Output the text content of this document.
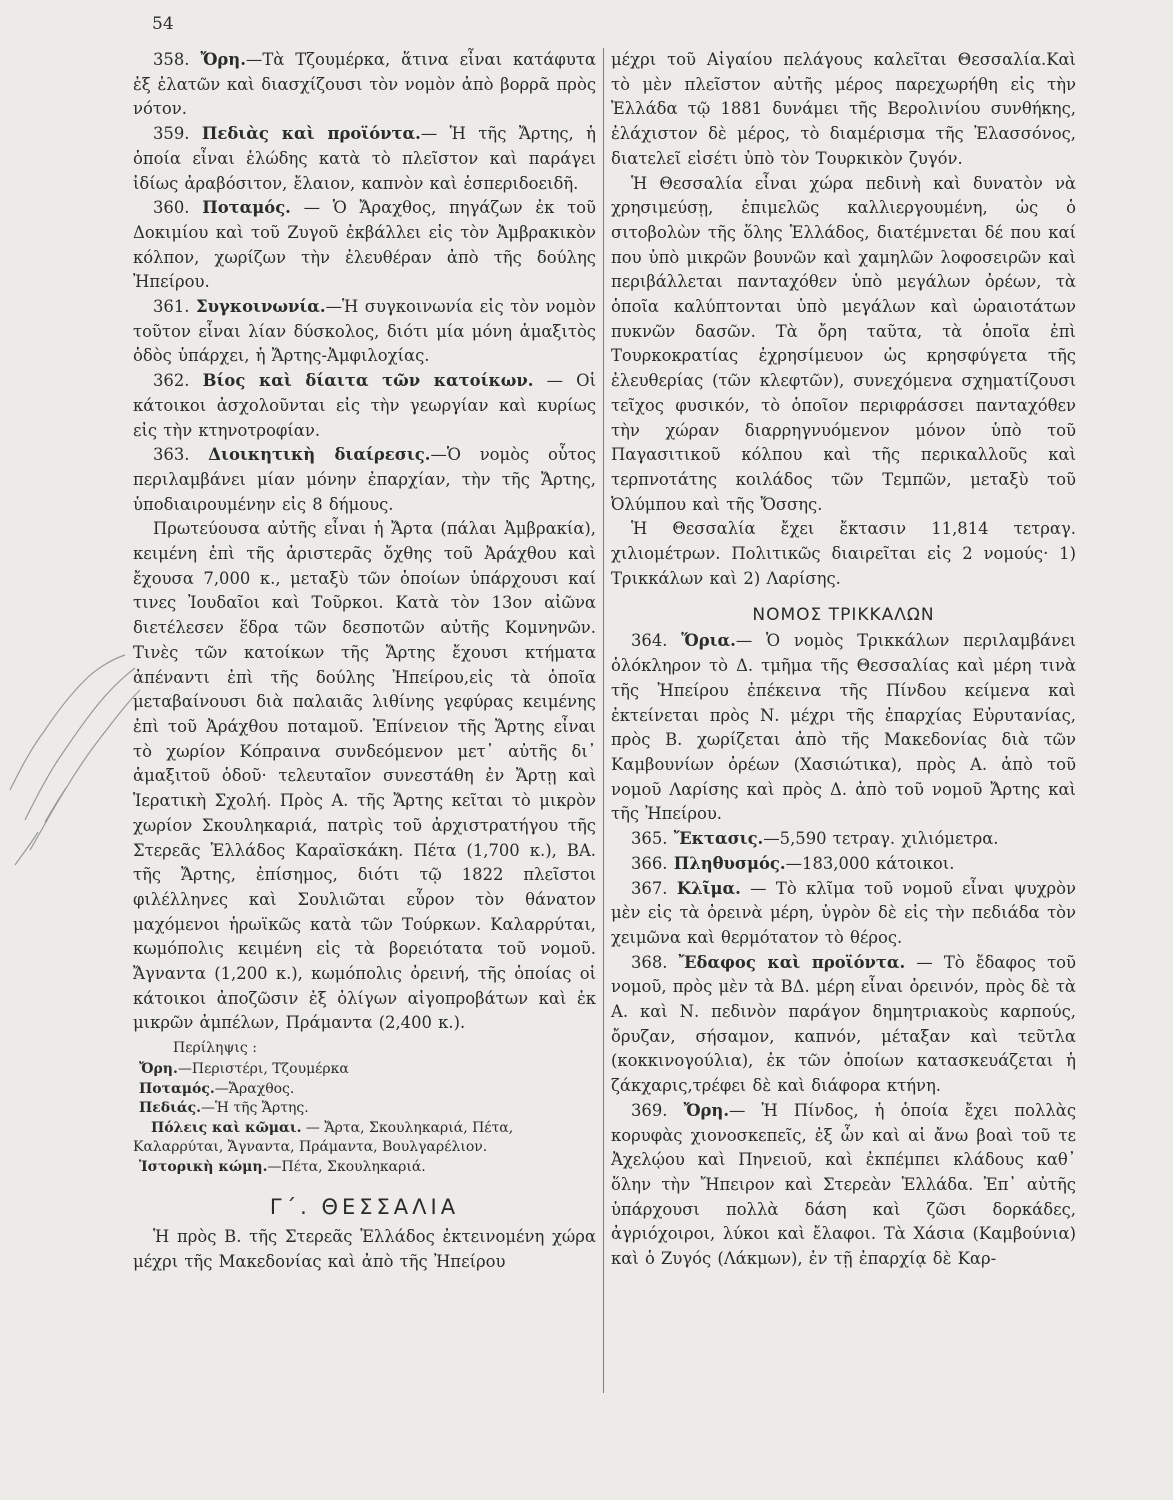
54

358. Ὄρη.—Τὰ Τζουμέρκα, ἅτινα εἶναι κατάφυτα ἐξ ἐλατῶν καὶ διασχίζουσι τὸν νομὸν ἀπὸ βορρᾶ πρὸς νότον.

359. Πεδιὰς καὶ προϊόντα.— Ἡ τῆς Ἄρτης, ἡ ὁποία εἶναι ἑλώδης κατὰ τὸ πλεῖστον καὶ παράγει ἰδίως ἀραβόσιτον, ἔλαιον, καπνὸν καὶ ἑσπεριδοειδῆ.

360. Ποταμός. — Ὁ Ἄραχθος, πηγάζων ἐκ τοῦ Δοκιμίου καὶ τοῦ Ζυγοῦ ἐκβάλλει εἰς τὸν Ἀμβρακικὸν κόλπον, χωρίζων τὴν ἐλευθέραν ἀπὸ τῆς δούλης Ἠπείρου.

361. Συγκοινωνία.—Ἡ συγκοινωνία εἰς τὸν νομὸν τοῦτον εἶναι λίαν δύσκολος, διότι μία μόνη ἁμαξιτὸς ὁδὸς ὑπάρχει, ἡ Ἄρτης-Ἀμφιλοχίας.

362. Βίος καὶ δίαιτα τῶν κατοίκων. — Οἱ κάτοικοι ἀσχολοῦνται εἰς τὴν γεωργίαν καὶ κυρίως εἰς τὴν κτηνοτροφίαν.

363. Διοικητικὴ διαίρεσις.—Ὁ νομὸς οὗτος περιλαμβάνει μίαν μόνην ἐπαρχίαν, τὴν τῆς Ἄρτης, ὑποδιαιρουμένην εἰς 8 δήμους.

Πρωτεύουσα αὐτῆς εἶναι ἡ Ἄρτα (πάλαι Ἀμβρακία), κειμένη ἐπὶ τῆς ἀριστερᾶς ὄχθης τοῦ Ἀράχθου καὶ ἔχουσα 7,000 κ., μεταξὺ τῶν ὁποίων ὑπάρχουσι καί τινες Ἰουδαῖοι καὶ Τοῦρκοι. Κατὰ τὸν 13ον αἰῶνα διετέλεσεν ἕδρα τῶν δεσποτῶν αὐτῆς Κομνηνῶν. Τινὲς τῶν κατοίκων τῆς Ἄρτης ἔχουσι κτήματα ἀπέναντι ἐπὶ τῆς δούλης Ἠπείρου,εἰς τὰ ὁποῖα μεταβαίνουσι διὰ παλαιᾶς λιθίνης γεφύρας κειμένης ἐπὶ τοῦ Ἀράχθου ποταμοῦ. Ἐπίνειον τῆς Ἄρτης εἶναι τὸ χωρίον Κόπραινα συνδεόμενον μετ᾽ αὐτῆς δι᾽ ἁμαξιτοῦ ὁδοῦ· τελευταῖον συνεστάθη ἐν Ἄρτῃ καὶ Ἱερατικὴ Σχολή. Πρὸς Α. τῆς Ἄρτης κεῖται τὸ μικρὸν χωρίον Σκουληκαριά, πατρὶς τοῦ ἀρχιστρατήγου τῆς Στερεᾶς Ἑλλάδος Καραϊσκάκη. Πέτα (1,700 κ.), ΒΑ. τῆς Ἄρτης, ἐπίσημος, διότι τῷ 1822 πλεῖστοι φιλέλληνες καὶ Σουλιῶται εὗρον τὸν θάνατον μαχόμενοι ἡρωϊκῶς κατὰ τῶν Τούρκων. Καλαρρύται, κωμόπολις κειμένη εἰς τὰ βορειότατα τοῦ νομοῦ. Ἄγναντα (1,200 κ.), κωμόπολις ὀρεινή, τῆς ὁποίας οἱ κάτοικοι ἀποζῶσιν ἐξ ὀλίγων αἰγοπροβάτων καὶ ἐκ μικρῶν ἀμπέλων, Πράμαντα (2,400 κ.).

Περίληψις :

Ὄρη.—Περιστέρι, Τζουμέρκα

Ποταμός.—Ἄραχθος.

Πεδιάς.—Ἡ τῆς Ἄρτης.

Πόλεις καὶ κῶμαι. — Ἄρτα, Σκουληκαριά, Πέτα, Καλαρρύται, Ἄγναντα, Πράμαντα, Βουλγαρέλιον.

Ἱστορικὴ κώμη.—Πέτα, Σκουληκαριά.

Γ΄. ΘΕΣΣΑΛΙΑ

Ἡ πρὸς Β. τῆς Στερεᾶς Ἑλλάδος ἐκτεινομένη χώρα μέχρι τῆς Μακεδονίας καὶ ἀπὸ τῆς Ἠπείρου

μέχρι τοῦ Αἰγαίου πελάγους καλεῖται Θεσσαλία.Καὶ τὸ μὲν πλεῖστον αὐτῆς μέρος παρεχωρήθη εἰς τὴν Ἑλλάδα τῷ 1881 δυνάμει τῆς Βερολινίου συνθήκης, ἐλάχιστον δὲ μέρος, τὸ διαμέρισμα τῆς Ἐλασσόνος, διατελεῖ εἰσέτι ὑπὸ τὸν Τουρκικὸν ζυγόν.

Ἡ Θεσσαλία εἶναι χώρα πεδινὴ καὶ δυνατὸν νὰ χρησιμεύσῃ, ἐπιμελῶς καλλιεργουμένη, ὡς ὁ σιτοβολὼν τῆς ὅλης Ἑλλάδος, διατέμνεται δέ που καί που ὑπὸ μικρῶν βουνῶν καὶ χαμηλῶν λοφοσειρῶν καὶ περιβάλλεται πανταχόθεν ὑπὸ μεγάλων ὀρέων, τὰ ὁποῖα καλύπτονται ὑπὸ μεγάλων καὶ ὡραιοτάτων πυκνῶν δασῶν. Τὰ ὄρη ταῦτα, τὰ ὁποῖα ἐπὶ Τουρκοκρατίας ἐχρησίμευον ὡς κρησφύγετα τῆς ἐλευθερίας (τῶν κλεφτῶν), συνεχόμενα σχηματίζουσι τεῖχος φυσικόν, τὸ ὁποῖον περιφράσσει πανταχόθεν τὴν χώραν διαρρηγνυόμενον μόνον ὑπὸ τοῦ Παγασιτικοῦ κόλπου καὶ τῆς περικαλλοῦς καὶ τερπνοτάτης κοιλάδος τῶν Τεμπῶν, μεταξὺ τοῦ Ὀλύμπου καὶ τῆς Ὄσσης.

Ἡ Θεσσαλία ἔχει ἔκτασιν 11,814 τετραγ. χιλιομέτρων. Πολιτικῶς διαιρεῖται εἰς 2 νομούς· 1) Τρικκάλων καὶ 2) Λαρίσης.

ΝΟΜΟΣ ΤΡΙΚΚΑΛΩΝ

364. Ὅρια.— Ὁ νομὸς Τρικκάλων περιλαμβάνει ὁλόκληρον τὸ Δ. τμῆμα τῆς Θεσσαλίας καὶ μέρη τινὰ τῆς Ἠπείρου ἐπέκεινα τῆς Πίνδου κείμενα καὶ ἐκτείνεται πρὸς Ν. μέχρι τῆς ἐπαρχίας Εὐρυτανίας, πρὸς Β. χωρίζεται ἀπὸ τῆς Μακεδονίας διὰ τῶν Καμβουνίων ὀρέων (Χασιώτικα), πρὸς Α. ἀπὸ τοῦ νομοῦ Λαρίσης καὶ πρὸς Δ. ἀπὸ τοῦ νομοῦ Ἄρτης καὶ τῆς Ἠπείρου.

365. Ἔκτασις.—5,590 τετραγ. χιλιόμετρα.

366. Πληθυσμός.—183,000 κάτοικοι.

367. Κλῖμα. — Τὸ κλῖμα τοῦ νομοῦ εἶναι ψυχρὸν μὲν εἰς τὰ ὀρεινὰ μέρη, ὑγρὸν δὲ εἰς τὴν πεδιάδα τὸν χειμῶνα καὶ θερμότατον τὸ θέρος.

368. Ἔδαφος καὶ προϊόντα. — Τὸ ἔδαφος τοῦ νομοῦ, πρὸς μὲν τὰ ΒΔ. μέρη εἶναι ὀρεινόν, πρὸς δὲ τὰ Α. καὶ Ν. πεδινὸν παράγον δημητριακοὺς καρπούς, ὄρυζαν, σήσαμον, καπνόν, μέταξαν καὶ τεῦτλα (κοκκινογούλια), ἐκ τῶν ὁποίων κατασκευάζεται ἡ ζάκχαρις,τρέφει δὲ καὶ διάφορα κτήνη.

369. Ὄρη.— Ἡ Πίνδος, ἡ ὁποία ἔχει πολλὰς κορυφὰς χιονοσκεπεῖς, ἐξ ὧν καὶ αἱ ἄνω βοαὶ τοῦ τε Ἀχελῴου καὶ Πηνειοῦ, καὶ ἐκπέμπει κλάδους καθ᾽ ὅλην τὴν Ἤπειρον καὶ Στερεὰν Ἑλλάδα. Ἐπ᾽ αὐτῆς ὑπάρχουσι πολλὰ δάση καὶ ζῶσι δορκάδες, ἀγριόχοιροι, λύκοι καὶ ἔλαφοι. Τὰ Χάσια (Καμβούνια) καὶ ὁ Ζυγός (Λάκμων), ἐν τῇ ἐπαρχίᾳ δὲ Καρ-
